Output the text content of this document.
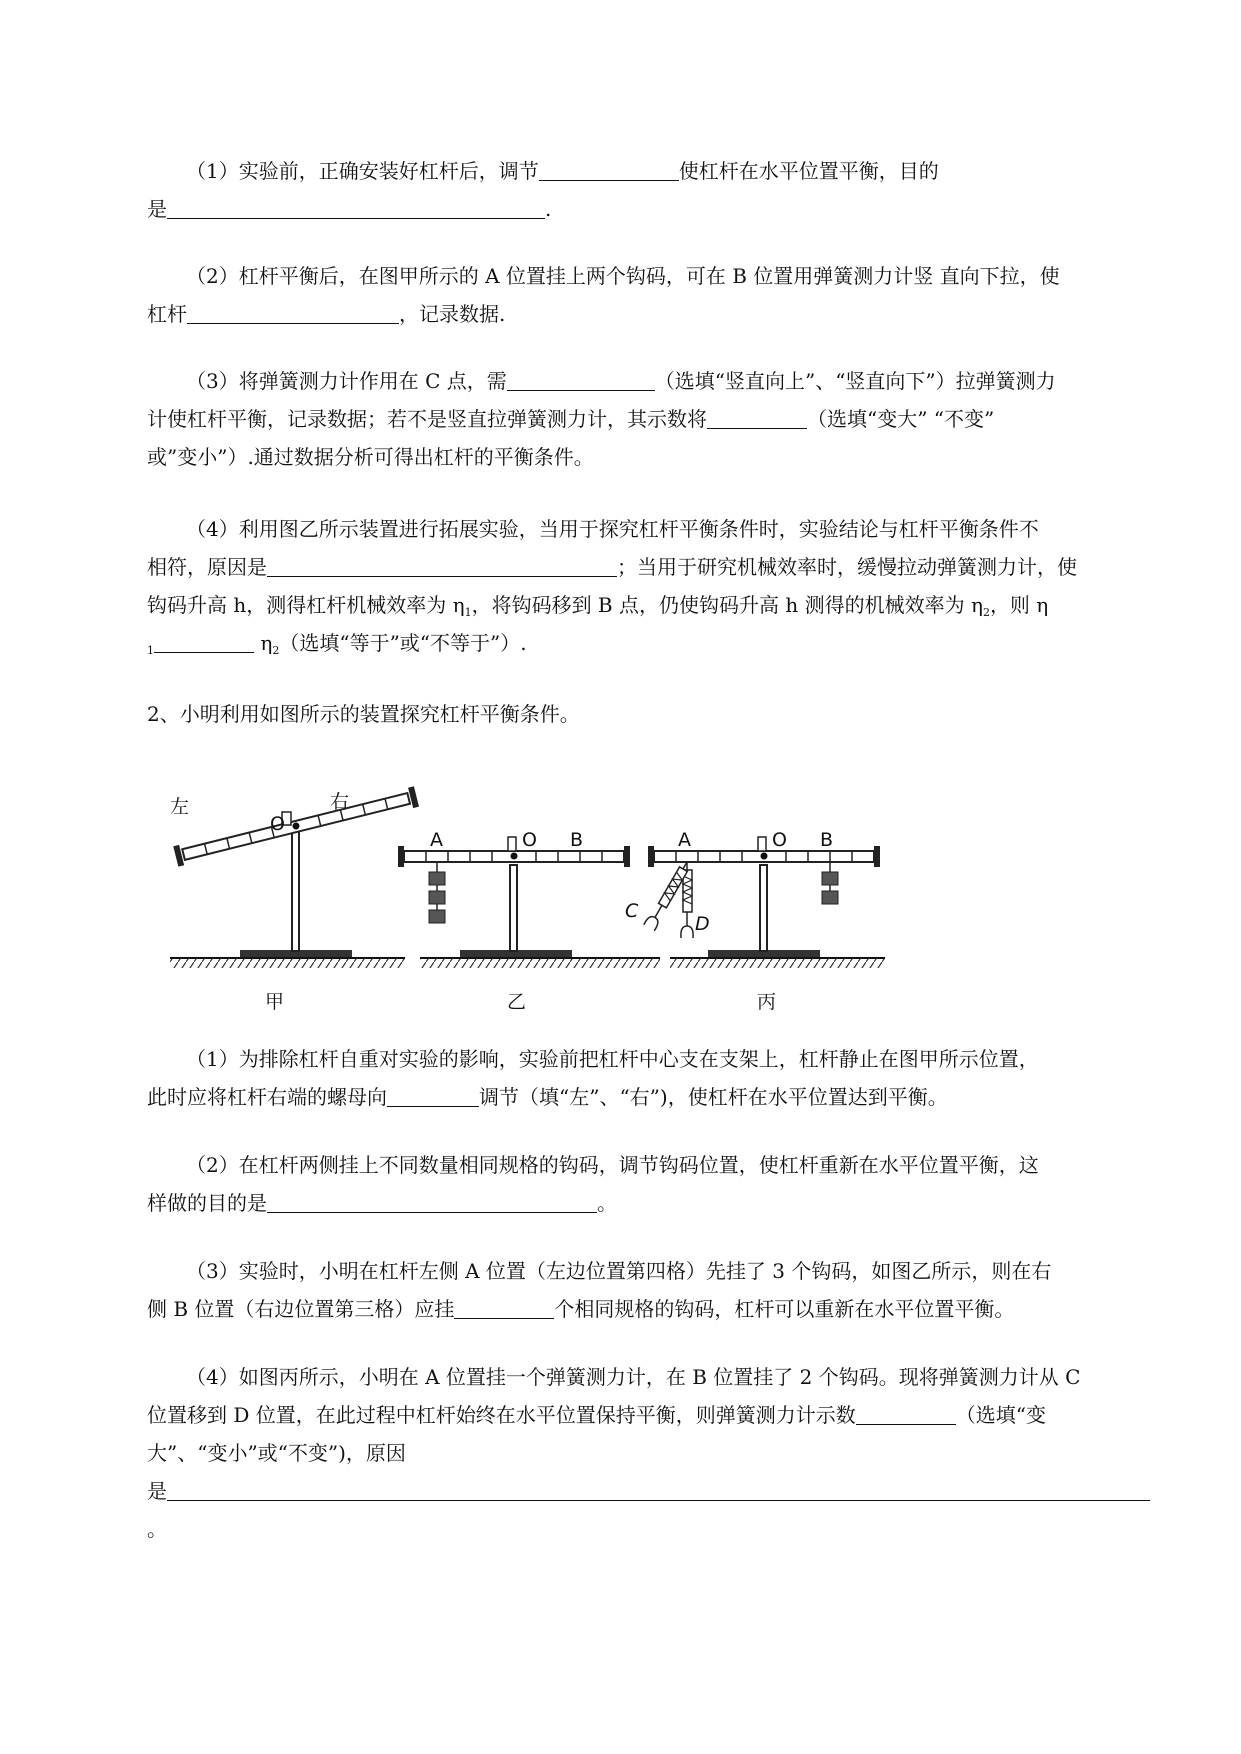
（1）实验前，正确安装好杠杆后，调节	使杠杆在水平位置平衡，目的
是	.
（2）杠杆平衡后，在图甲所示的 A 位置挂上两个钩码，可在 B 位置用弹簧测力计竖 直向下拉，使
杠杆	，记录数据.
（3）将弹簧测力计作用在 C 点，需	（选填“竖直向上”、“竖直向下”）拉弹簧测力
计使杠杆平衡，记录数据；若不是竖直拉弹簧测力计，其示数将	（选填“变大” “不变”
或”变小”）.通过数据分析可得出杠杆的平衡条件。
（4）利用图乙所示装置进行拓展实验，当用于探究杠杆平衡条件时，实验结论与杠杆平衡条件不
相符，原因是	；当用于研究机械效率时，缓慢拉动弹簧测力计，使
钩码升高 h，测得杠杆机械效率为 $\eta_1$，将钩码移到 B 点，仍使钩码升高 h 测得的机械效率为 $\eta_2$，则 η
$_1$	$\eta_2$（选填“等于”或“不等于”）.
2、小明利用如图所示的装置探究杠杆平衡条件。
左	右
O
甲
A	O B
乙
A	O B
C
D
丙
（1）为排除杠杆自重对实验的影响，实验前把杠杆中心支在支架上，杠杆静止在图甲所示位置，
此时应将杠杆右端的螺母向	调节（填“左”、“右”)，使杠杆在水平位置达到平衡。
（2）在杠杆两侧挂上不同数量相同规格的钩码，调节钩码位置，使杠杆重新在水平位置平衡，这
样做的目的是	。
（3）实验时，小明在杠杆左侧 A 位置（左边位置第四格）先挂了 3 个钩码，如图乙所示，则在右
侧 B 位置（右边位置第三格）应挂	个相同规格的钩码，杠杆可以重新在水平位置平衡。
（4）如图丙所示，小明在 A 位置挂一个弹簧测力计，在 B 位置挂了 2 个钩码。现将弹簧测力计从 C
位置移到 D 位置，在此过程中杠杆始终在水平位置保持平衡，则弹簧测力计示数	（选填“变
大”、“变小”或“不变”)，原因
是
。
